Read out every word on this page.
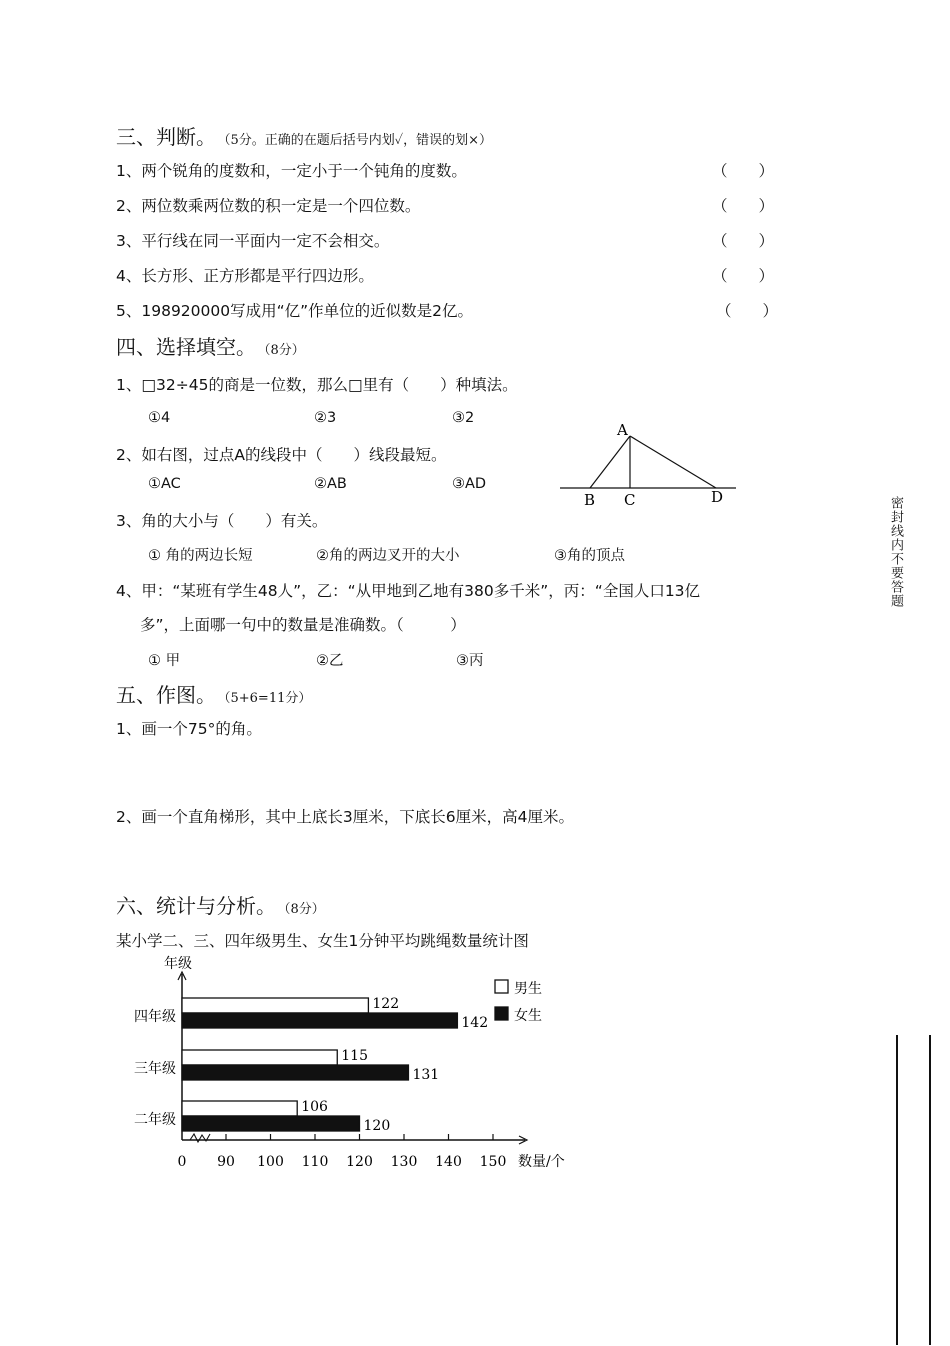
三、判断。 （5分。正确的在题后括号内划✓，错误的划×）
1、两个锐角的度数和，一定小于一个钝角的度数。	（　　）
2、两位数乘两位数的积一定是一个四位数。	（　　）
3、平行线在同一平面内一定不会相交。	（　　）
4、长方形、正方形都是平行四边形。	（　　）
5、198920000写成用“亿”作单位的近似数是2亿。	（　　）
四、选择填空。 （8分）
1、□32÷45的商是一位数，那么□里有（　　）种填法。
①4	②3	③2
2、如右图，过点A的线段中（　　）线段最短。
①AC	②AB	③AD
A
B C	D
3、角的大小与（　　）有关。
① 角的两边长短	②角的两边叉开的大小	③角的顶点
4、甲：“某班有学生48人”，乙：“从甲地到乙地有380多千米”，丙：“全国人口13亿
多”，上面哪一句中的数量是准确数。（　　　）
① 甲	②乙	③丙
五、作图。 （5+6=11分）
1、画一个75°的角。
2、画一个直角梯形，其中上底长3厘米，下底长6厘米，高4厘米。
六、统计与分析。 （8分）
某小学二、三、四年级男生、女生1分钟平均跳绳数量统计图
年级
数量/个
0 90 100 110 120 130 140 150
四年级
三年级
二年级
122
142
115
131
106
120
男生
女生
密封线内不要答题
